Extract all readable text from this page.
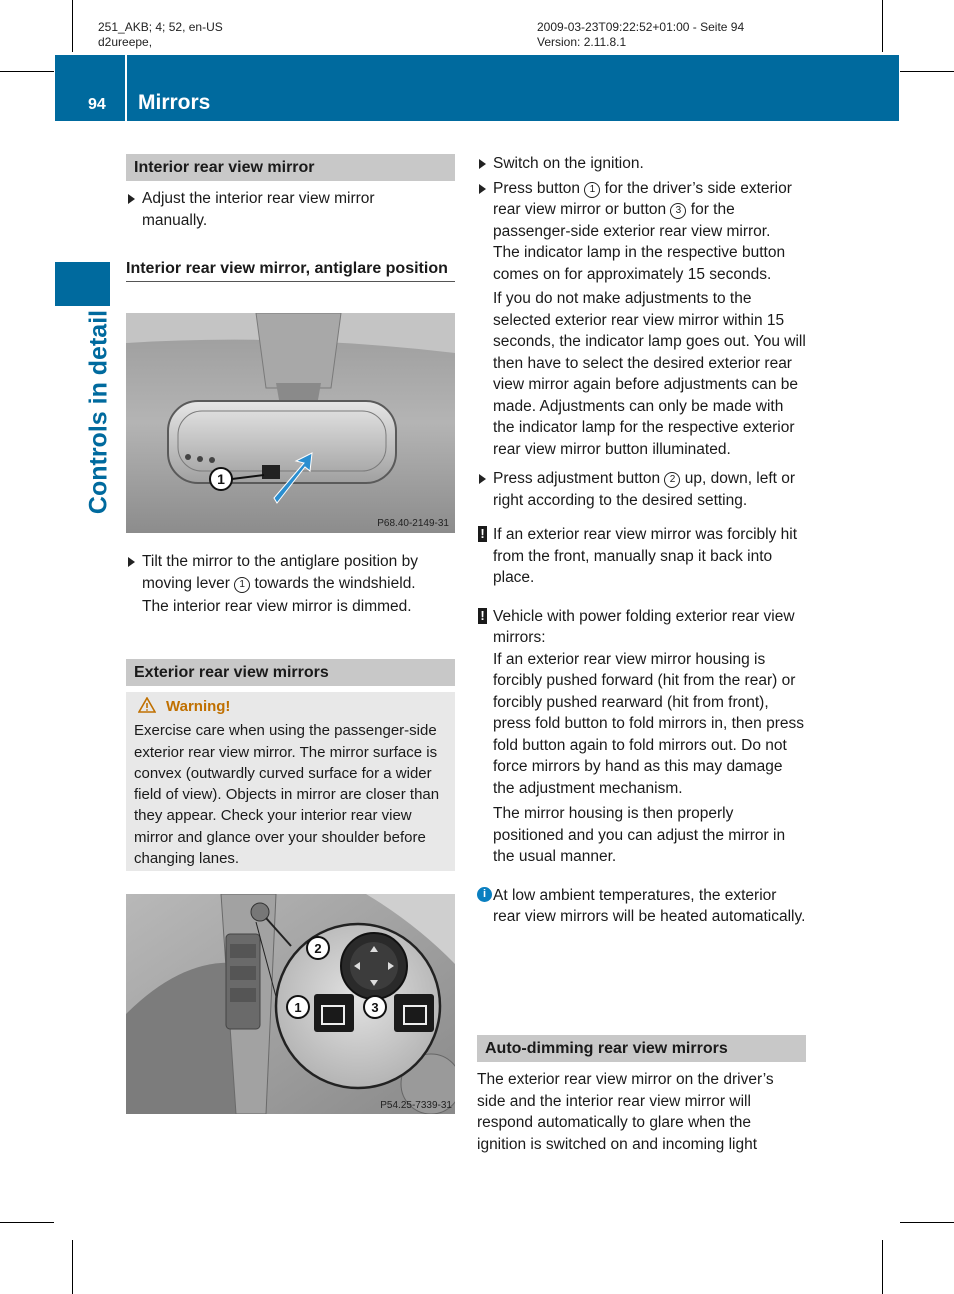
251_AKB; 4; 52, en-US
d2ureepe,
2009-03-23T09:22:52+01:00 - Seite 94
Version: 2.11.8.1
94 Mirrors
Controls in detail
Interior rear view mirror

Adjust the interior rear view mirror manually.

Interior rear view mirror, antiglare position
1
P68.40-2149-31

Tilt the mirror to the antiglare position by moving lever 1 towards the windshield.

The interior rear view mirror is dimmed.

Exterior rear view mirrors
Warning!
Exercise care when using the passenger-side exterior rear view mirror. The mirror surface is convex (outwardly curved surface for a wider field of view). Objects in mirror are closer than they appear. Check your interior rear view mirror and glance over your shoulder before changing lanes.
2
1	3
P54.25-7339-31

Switch on the ignition.

Press button 1 for the driver’s side exterior rear view mirror or button 3 for the passenger-side exterior rear view mirror.

The indicator lamp in the respective button comes on for approximately 15 seconds.

If you do not make adjustments to the selected exterior rear view mirror within 15 seconds, the indicator lamp goes out. You will then have to select the desired exterior rear view mirror again before adjustments can be made. Adjustments can only be made with the indicator lamp for the respective exterior rear view mirror button illuminated.

Press adjustment button 2 up, down, left or right according to the desired setting.

! If an exterior rear view mirror was forcibly hit from the front, manually snap it back into place.

! Vehicle with power folding exterior rear view mirrors:

If an exterior rear view mirror housing is forcibly pushed forward (hit from the rear) or forcibly pushed rearward (hit from front), press fold button to fold mirrors in, then press fold button again to fold mirrors out. Do not force mirrors by hand as this may damage the adjustment mechanism.

The mirror housing is then properly positioned and you can adjust the mirror in the usual manner.

i At low ambient temperatures, the exterior rear view mirrors will be heated automatically.

Auto-dimming rear view mirrors
The exterior rear view mirror on the driver’s side and the interior rear view mirror will respond automatically to glare when the ignition is switched on and incoming light
